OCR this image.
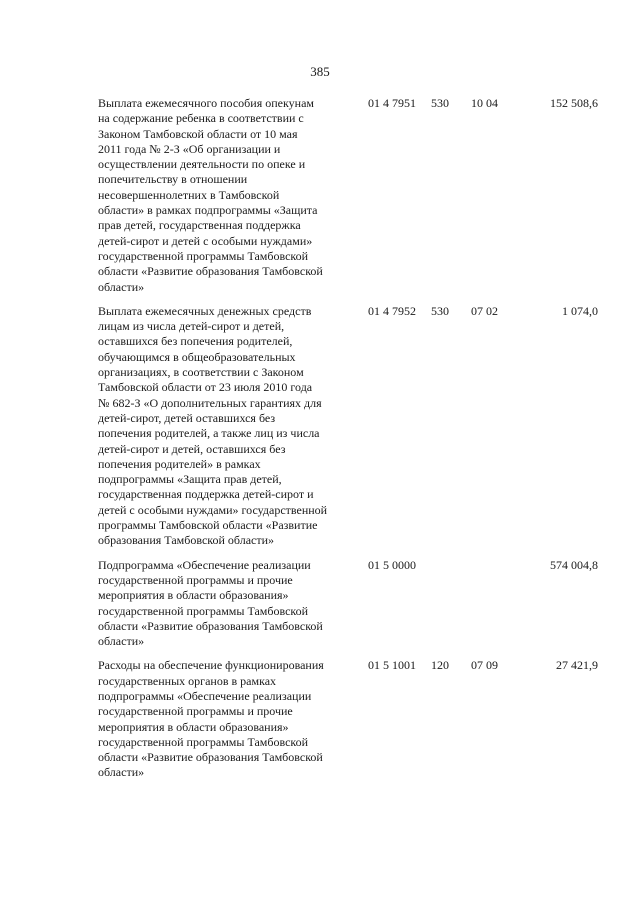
385
Выплата ежемесячного пособия опекунам
на содержание ребенка в соответствии с
Законом Тамбовской области от 10 мая
2011 года № 2-З «Об организации и
осуществлении деятельности по опеке и
попечительству в отношении
несовершеннолетних в Тамбовской
области» в рамках подпрограммы «Защита
прав детей, государственная поддержка
детей-сирот и детей с особыми нуждами»
государственной программы Тамбовской
области «Развитие образования Тамбовской
области»
01 4 7951 530 10 04	152 508,6
Выплата ежемесячных денежных средств
лицам из числа детей-сирот и детей,
оставшихся без попечения родителей,
обучающимся в общеобразовательных
организациях, в соответствии с Законом
Тамбовской области от 23 июля 2010 года
№ 682-З «О дополнительных гарантиях для
детей-сирот, детей оставшихся без
попечения родителей, а также лиц из числа
детей-сирот и детей, оставшихся без
попечения родителей» в рамках
подпрограммы «Защита прав детей,
государственная поддержка детей-сирот и
детей с особыми нуждами» государственной
программы Тамбовской области «Развитие
образования Тамбовской области»
01 4 7952 530 07 02	1 074,0
Подпрограмма «Обеспечение реализации
государственной программы и прочие
мероприятия в области образования»
государственной программы Тамбовской
области «Развитие образования Тамбовской
области»
01 5 0000	574 004,8
Расходы на обеспечение функционирования
государственных органов в рамках
подпрограммы «Обеспечение реализации
государственной программы и прочие
мероприятия в области образования»
государственной программы Тамбовской
области «Развитие образования Тамбовской
области»
01 5 1001 120 07 09	27 421,9
